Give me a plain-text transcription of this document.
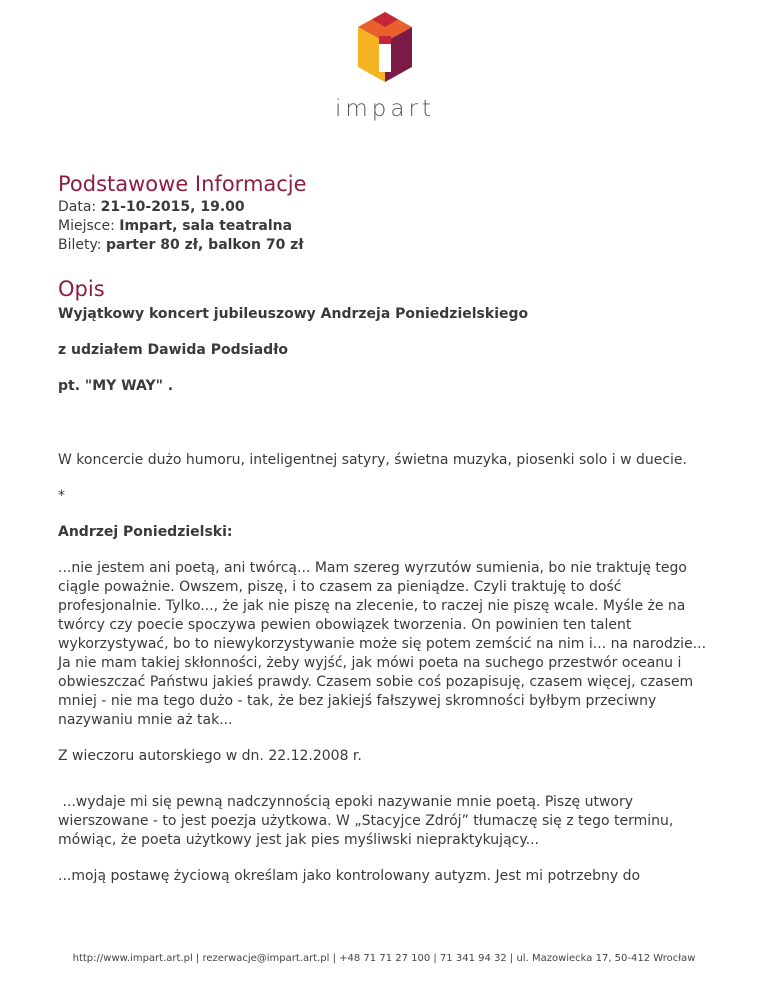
impart
Podstawowe Informacje
Data: 21-10-2015, 19.00
Miejsce: Impart, sala teatralna
Bilety: parter 80 zł, balkon 70 zł
Opis

Wyjątkowy koncert jubileuszowy Andrzeja Poniedzielskiego

z udziałem Dawida Podsiadło

pt. "MY WAY" .

W koncercie dużo humoru, inteligentnej satyry, świetna muzyka, piosenki solo i w duecie.

*

Andrzej Poniedzielski:

...nie jestem ani poetą, ani twórcą... Mam szereg wyrzutów sumienia, bo nie traktuję tego ciągle poważnie. Owszem, piszę, i to czasem za pieniądze. Czyli traktuję to dość profesjonalnie. Tylko..., że jak nie piszę na zlecenie, to raczej nie piszę wcale. Myśle że na twórcy czy poecie spoczywa pewien obowiązek tworzenia. On powinien ten talent wykorzystywać, bo to niewykorzystywanie może się potem zemścić na nim i... na narodzie... Ja nie mam takiej skłonności, żeby wyjść, jak mówi poeta na suchego przestwór oceanu i obwieszczać Państwu jakieś prawdy. Czasem sobie coś pozapisuję, czasem więcej, czasem mniej - nie ma tego dużo - tak, że bez jakiejś fałszywej skromności byłbym przeciwny nazywaniu mnie aż tak...

Z wieczoru autorskiego w dn. 22.12.2008 r.

...wydaje mi się pewną nadczynnością epoki nazywanie mnie poetą. Piszę utwory wierszowane - to jest poezja użytkowa. W „Stacyjce Zdrój” tłumaczę się z tego terminu, mówiąc, że poeta użytkowy jest jak pies myśliwski niepraktykujący...

...moją postawę życiową określam jako kontrolowany autyzm. Jest mi potrzebny do

http://www.impart.art.pl | rezerwacje@impart.art.pl | +48 71 71 27 100 | 71 341 94 32 | ul. Mazowiecka 17, 50-412 Wrocław
